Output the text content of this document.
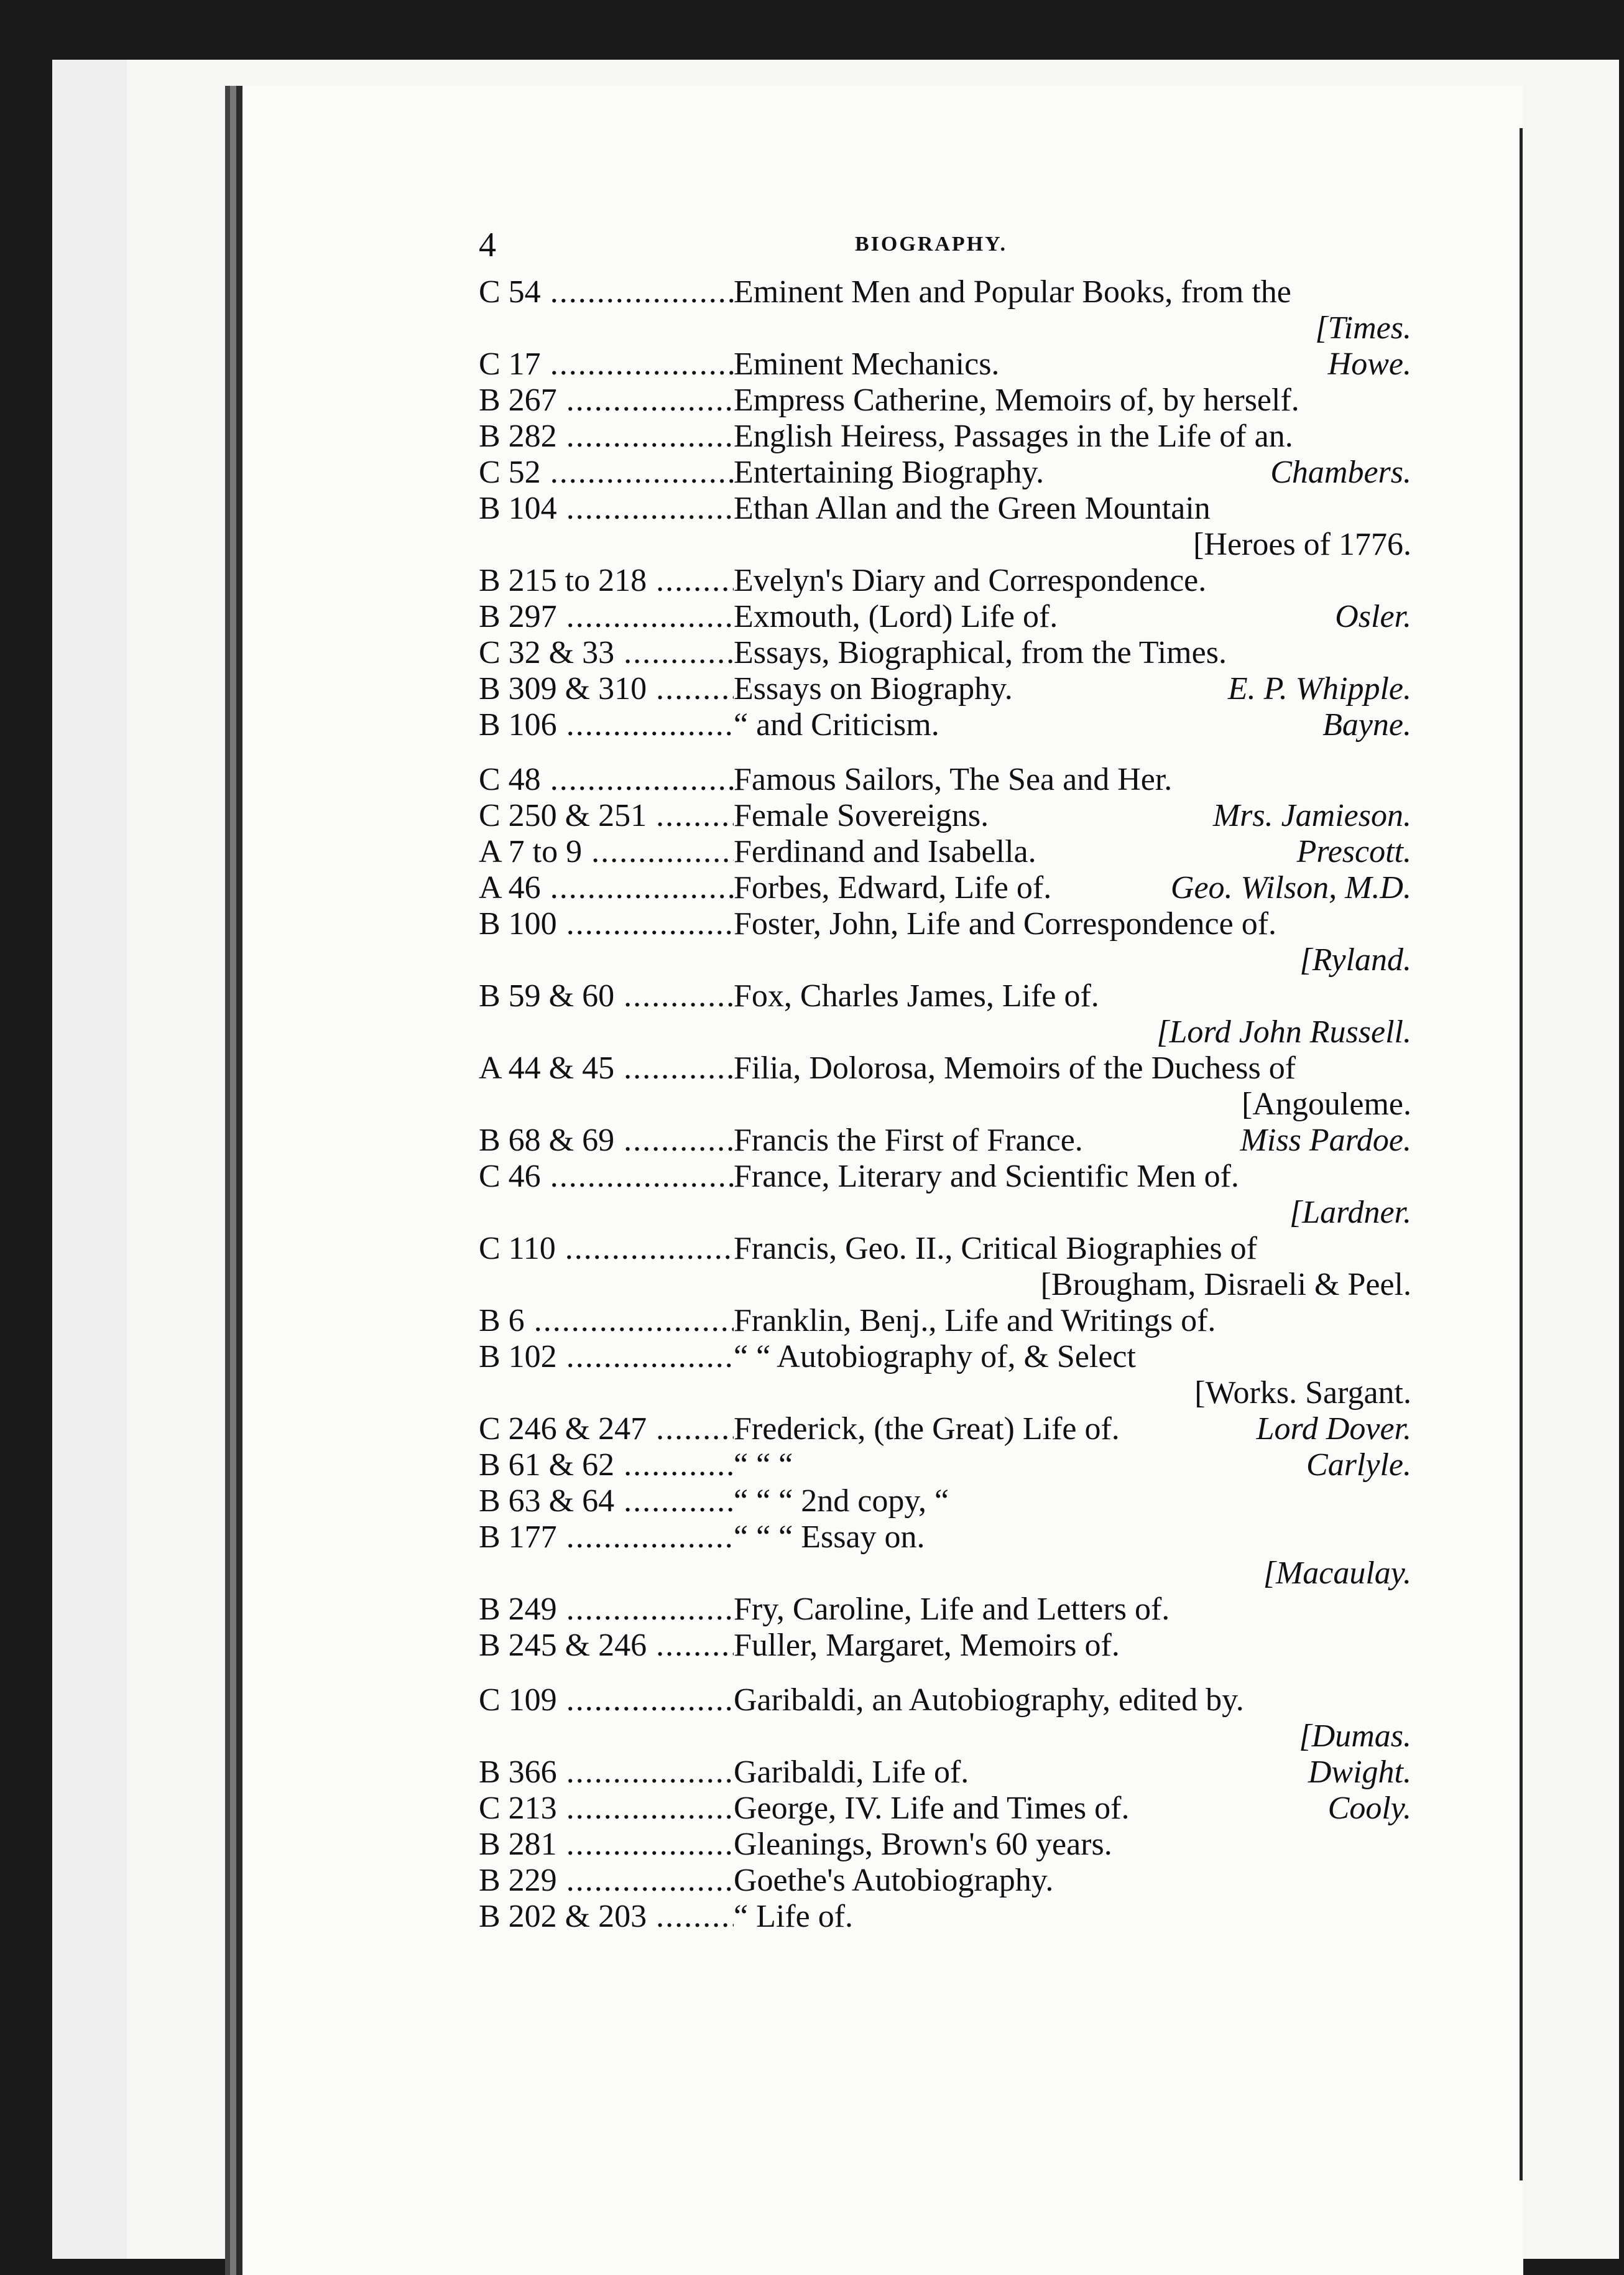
4	BIOGRAPHY.
C 54 .....	Eminent Men and Popular Books, from the
[Times.
C 17 .....	Eminent Mechanics.	Howe.
B 267 .....	Empress Catherine, Memoirs of, by herself.
B 282 .....	English Heiress, Passages in the Life of an.
C 52 .....	Entertaining Biography.	Chambers.
B 104 .....	Ethan Allan and the Green Mountain
[Heroes of 1776.
B 215 to 218 .....	Evelyn's Diary and Correspondence.
B 297 .....	Exmouth, (Lord) Life of.	Osler.
C 32 & 33 .....	Essays, Biographical, from the Times.
B 309 & 310 .....	Essays on Biography.	E. P. Whipple.
B 106 .....	“ and Criticism.	Bayne.
C 48 .....	Famous Sailors, The Sea and Her.
C 250 & 251 .....	Female Sovereigns.	Mrs. Jamieson.
A 7 to 9 .....	Ferdinand and Isabella.	Prescott.
A 46 .....	Forbes, Edward, Life of.	Geo. Wilson, M.D.
B 100 .....	Foster, John, Life and Correspondence of.
[Ryland.
B 59 & 60 .....	Fox, Charles James, Life of.
[Lord John Russell.
A 44 & 45 .....	Filia, Dolorosa, Memoirs of the Duchess of
[Angouleme.
B 68 & 69 .....	Francis the First of France.	Miss Pardoe.
C 46 .....	France, Literary and Scientific Men of.
[Lardner.
C 110 .....	Francis, Geo. II., Critical Biographies of
[Brougham, Disraeli & Peel.
B 6 .....	Franklin, Benj., Life and Writings of.
B 102 .....	“ “ Autobiography of, & Select
[Works. Sargant.
C 246 & 247 .....	Frederick, (the Great) Life of.	Lord Dover.
B 61 & 62 .....	“ “ “	Carlyle.
B 63 & 64 .....	“ “ “ 2nd copy, “
B 177 .....	“ “ “ Essay on.
[Macaulay.
B 249 .....	Fry, Caroline, Life and Letters of.
B 245 & 246 .....	Fuller, Margaret, Memoirs of.
C 109 .....	Garibaldi, an Autobiography, edited by.
[Dumas.
B 366 .....	Garibaldi, Life of.	Dwight.
C 213 .....	George, IV. Life and Times of.	Cooly.
B 281 .....	Gleanings, Brown's 60 years.
B 229 .....	Goethe's Autobiography.
B 202 & 203 .....	“ Life of.
